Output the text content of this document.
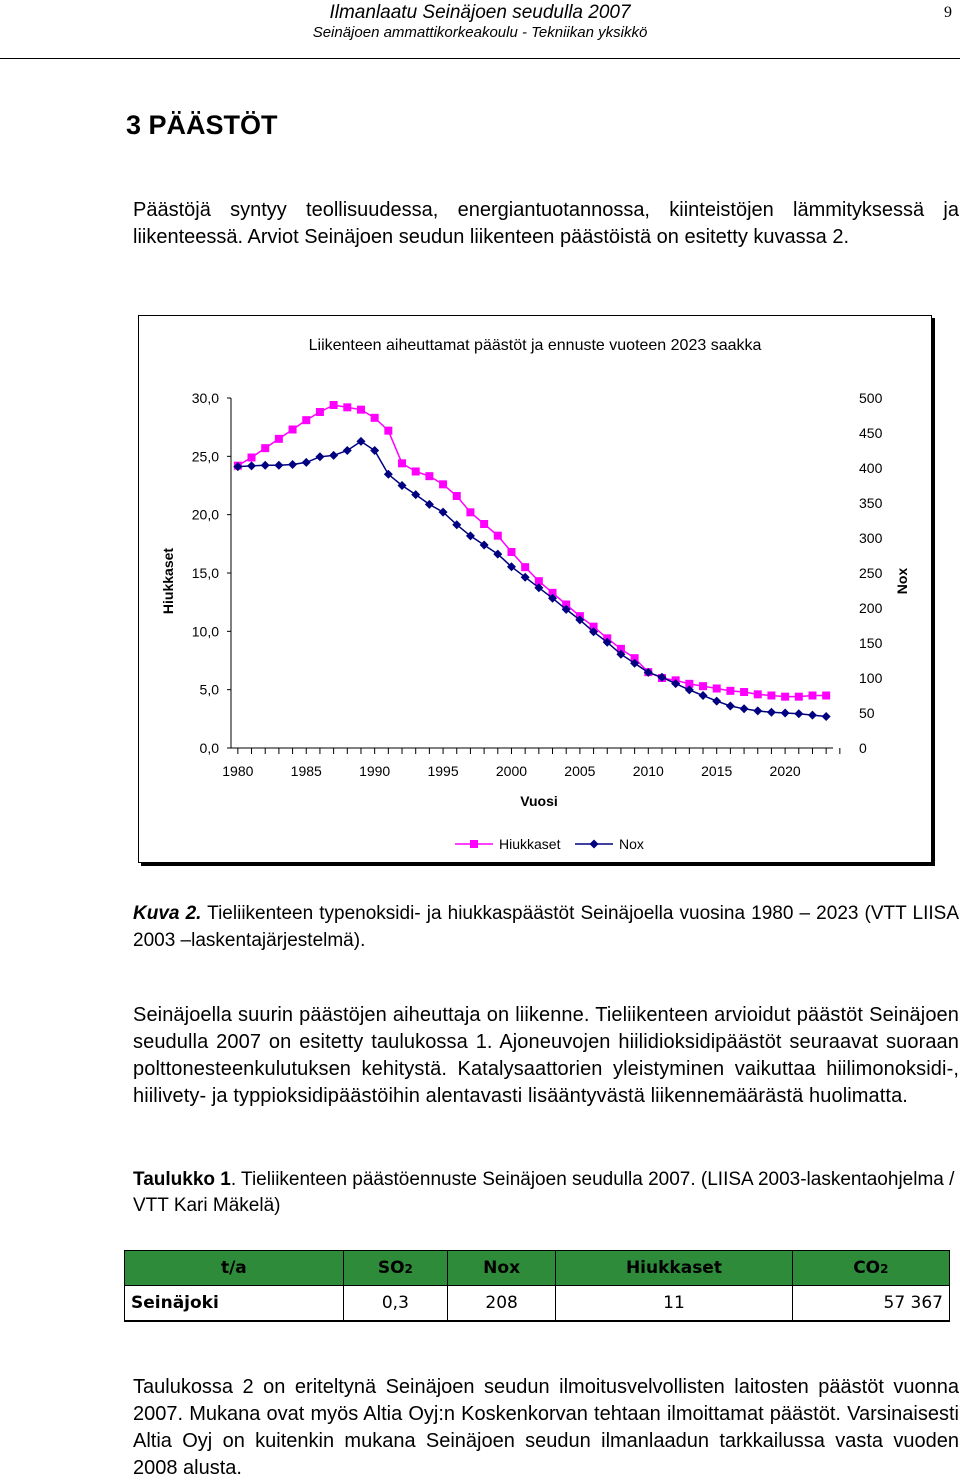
Ilmanlaatu Seinäjoen seudulla 2007
Seinäjoen ammattikorkeakoulu - Tekniikan yksikkö
9
3 PÄÄSTÖT
Päästöjä syntyy teollisuudessa, energiantuotannossa, kiinteistöjen lämmityksessä ja liikenteessä. Arviot Seinäjoen seudun liikenteen päästöistä on esitetty kuvassa 2.
Liikenteen aiheuttamat päästöt ja ennuste vuoteen 2023 saakka
30,0
25,0
20,0
15,0
10,0
5,0
0,0
Hiukkaset
500
450
400
350
300
250
200
150
100
50
0
Nox
1980	1985	1990	1995	2000	2005	2010	2015	2020
Vuosi
Hiukkaset	Nox
Kuva 2. Tieliikenteen typenoksidi- ja hiukkaspäästöt Seinäjoella vuosina 1980 – 2023 (VTT LIISA 2003 –laskentajärjestelmä).
Seinäjoella suurin päästöjen aiheuttaja on liikenne. Tieliikenteen arvioidut päästöt Seinäjoen seudulla 2007 on esitetty taulukossa 1. Ajoneuvojen hiilidioksidipäästöt seuraavat suoraan polttonesteenkulutuksen kehitystä. Katalysaattorien yleistyminen vaikuttaa hiilimonoksidi-, hiilivety- ja typpioksidipäästöihin alentavasti lisääntyvästä liikennemäärästä huolimatta.
Taulukko 1. Tieliikenteen päästöennuste Seinäjoen seudulla 2007. (LIISA 2003-laskentaohjelma / VTT Kari Mäkelä)
t/a	SO2	Nox	Hiukkaset	CO2
Seinäjoki	0,3	208	11	57 367
Taulukossa 2 on eriteltynä Seinäjoen seudun ilmoitusvelvollisten laitosten päästöt vuonna 2007. Mukana ovat myös Altia Oyj:n Koskenkorvan tehtaan ilmoittamat päästöt. Varsinaisesti Altia Oyj on kuitenkin mukana Seinäjoen seudun ilmanlaadun tarkkailussa vasta vuoden 2008 alusta.
